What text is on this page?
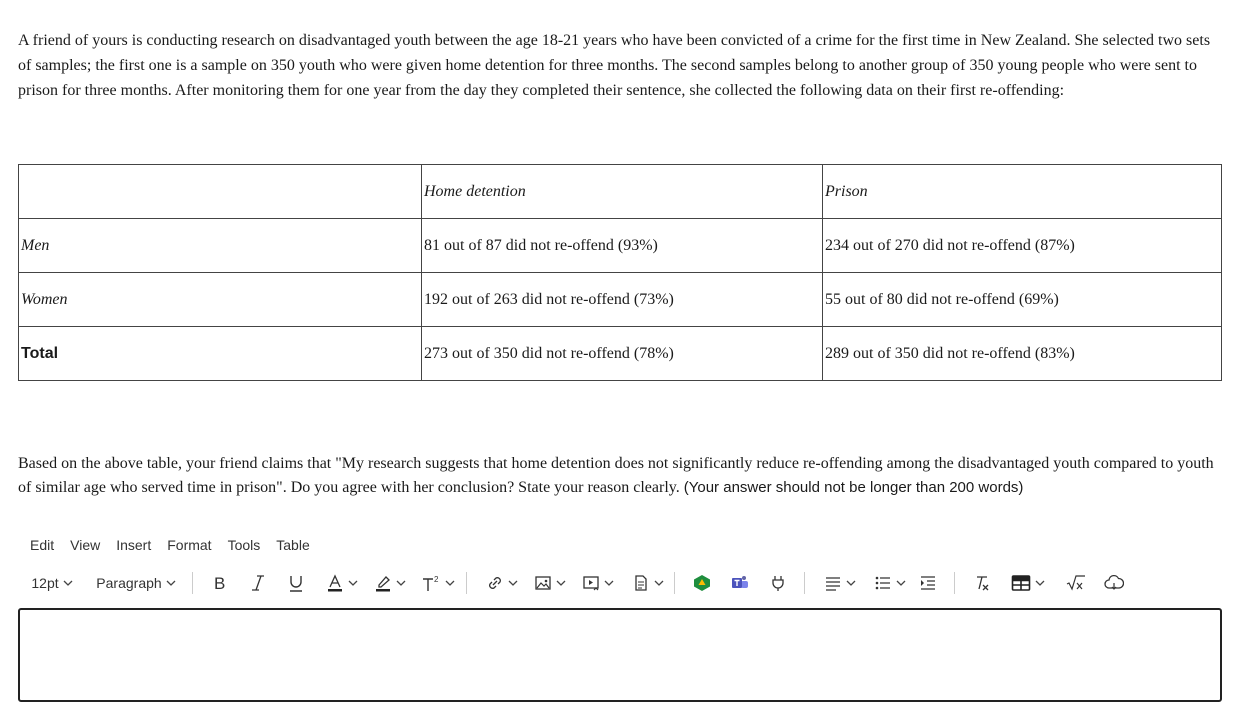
A friend of yours is conducting research on disadvantaged youth between the age 18-21 years who have been convicted of a crime for the first time in New Zealand. She selected two sets of samples; the first one is a sample on 350 youth who were given home detention for three months. The second samples belong to another group of 350 young people who were sent to prison for three months. After monitoring them for one year from the day they completed their sentence, she collected the following data on their first re-offending:

	Home detention	Prison
Men	81 out of 87 did not re-offend (93%)	234 out of 270 did not re-offend (87%)
Women	192 out of 263 did not re-offend (73%)	55 out of 80 did not re-offend (69%)
Total	273 out of 350 did not re-offend (78%)	289 out of 350 did not re-offend (83%)

Based on the above table, your friend claims that "My research suggests that home detention does not significantly reduce re-offending among the disadvantaged youth compared to youth of similar age who served time in prison". Do you agree with her conclusion? State your reason clearly. (Your answer should not be longer than 200 words)

Edit	View	Insert	Format	Tools	Table
12pt	Paragraph	B	2
